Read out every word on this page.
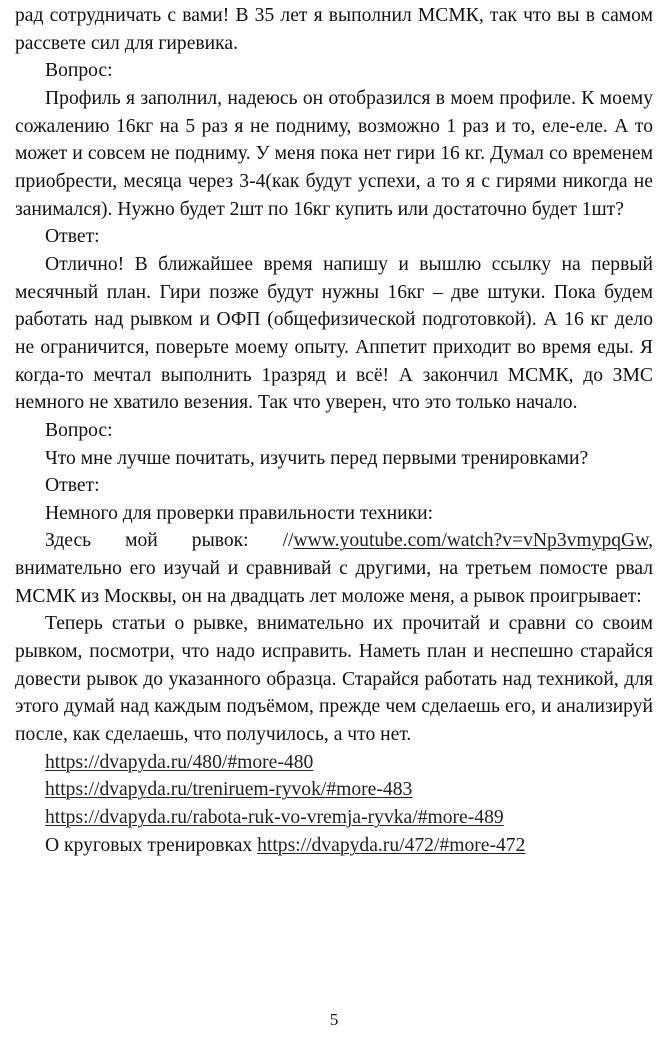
рад сотрудничать с вами! В 35 лет я выполнил МСМК, так что вы в самом рассвете сил для гиревика.

Вопрос:

Профиль я заполнил, надеюсь он отобразился в моем профиле. К моему сожалению 16кг на 5 раз я не подниму, возможно 1 раз и то, еле-еле. А то может и совсем не подниму. У меня пока нет гири 16 кг. Думал со временем приобрести, месяца через 3-4(как будут успехи, а то я с гирями никогда не занимался). Нужно будет 2шт по 16кг купить или достаточно будет 1шт?

Ответ:

Отлично! В ближайшее время напишу и вышлю ссылку на первый месячный план. Гири позже будут нужны 16кг – две штуки. Пока будем работать над рывком и ОФП (общефизической подготовкой). А 16 кг дело не ограничится, поверьте моему опыту. Аппетит приходит во время еды. Я когда-то мечтал выполнить 1разряд и всё! А закончил МСМК, до ЗМС немного не хватило везения. Так что уверен, что это только начало.

Вопрос:

Что мне лучше почитать, изучить перед первыми тренировками?

Ответ:

Немного для проверки правильности техники:

Здесь мой рывок: //www.youtube.com/watch?v=vNp3vmypqGw, внимательно его изучай и сравнивай с другими, на третьем помосте рвал МСМК из Москвы, он на двадцать лет моложе меня, а рывок проигрывает:

Теперь статьи о рывке, внимательно их прочитай и сравни со своим рывком, посмотри, что надо исправить. Наметь план и неспешно старайся довести рывок до указанного образца. Старайся работать над техникой, для этого думай над каждым подъёмом, прежде чем сделаешь его, и анализируй после, как сделаешь, что получилось, а что нет.

https://dvapyda.ru/480/#more-480

https://dvapyda.ru/treniruem-ryvok/#more-483

https://dvapyda.ru/rabota-ruk-vo-vremja-ryvka/#more-489

О круговых тренировках https://dvapyda.ru/472/#more-472

5
